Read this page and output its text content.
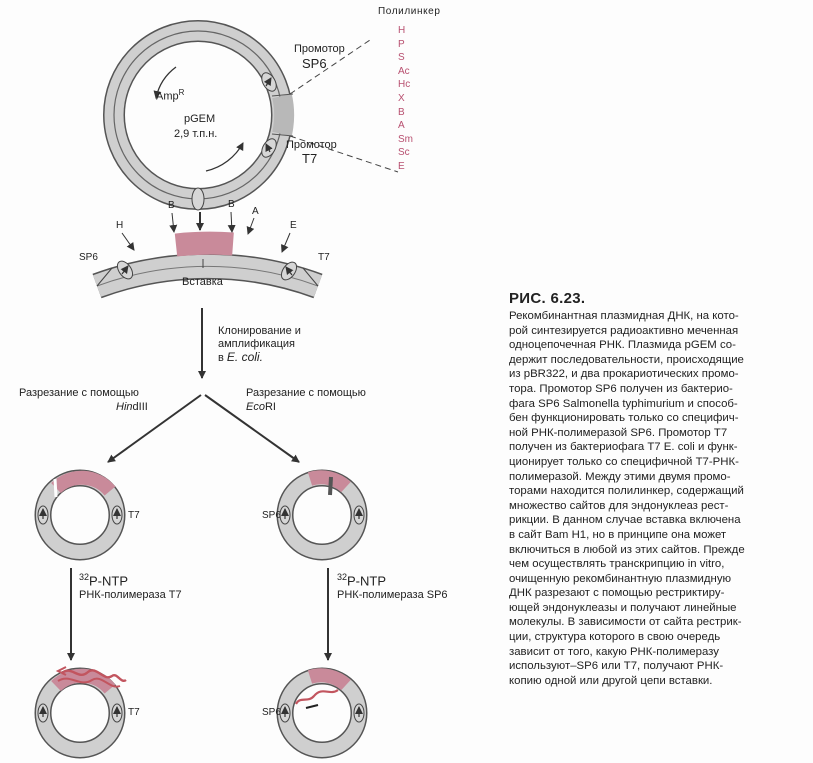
Amp$^R$
pGEM
2,9 т.п.н.
Промотор
SP6
Промотор
T7
Полилинкер
H
P
S
Ac
Hc
X
B
A
Sm
Sc
E
H
B	B
A
E
SP6	T7
Вставка
Клонирование и
амплификация
в E. coli.
Разрезание с помощью
HindIII
Разрезание с помощью
EcoRI
T7
$^{32}$P-NTP
РНК-полимераза T7
T7
SP6
$^{32}$P-NTP
РНК-полимераза SP6
SP6
РИС. 6.23.
Рекомбинантная плазмидная ДНК, на кото-
рой синтезируется радиоактивно меченная
одноцепочечная РНК. Плазмида pGEM со-
держит последовательности, происходящие
из pBR322, и два прокариотических промо-
тора. Промотор SP6 получен из бактерио-
фага SP6 Salmonella typhimurium и способ-
бен функционировать только со специфич-
ной РНК-полимеразой SP6. Промотор T7
получен из бактериофага T7 E. coli и функ-
ционирует только со специфичной T7-РНК-
полимеразой. Между этими двумя промо-
торами находится полилинкер, содержащий
множество сайтов для эндонуклеаз рест-
рикции. В данном случае вставка включена
в сайт Bam H1, но в принципе она может
включиться в любой из этих сайтов. Прежде
чем осуществлять транскрипцию in vitro,
очищенную рекомбинантную плазмидную
ДНК разрезают с помощью рестриктиру-
ющей эндонуклеазы и получают линейные
молекулы. В зависимости от сайта рестрик-
ции, структура которого в свою очередь
зависит от того, какую РНК-полимеразу
используют–SP6 или T7, получают РНК-
копию одной или другой цепи вставки.
